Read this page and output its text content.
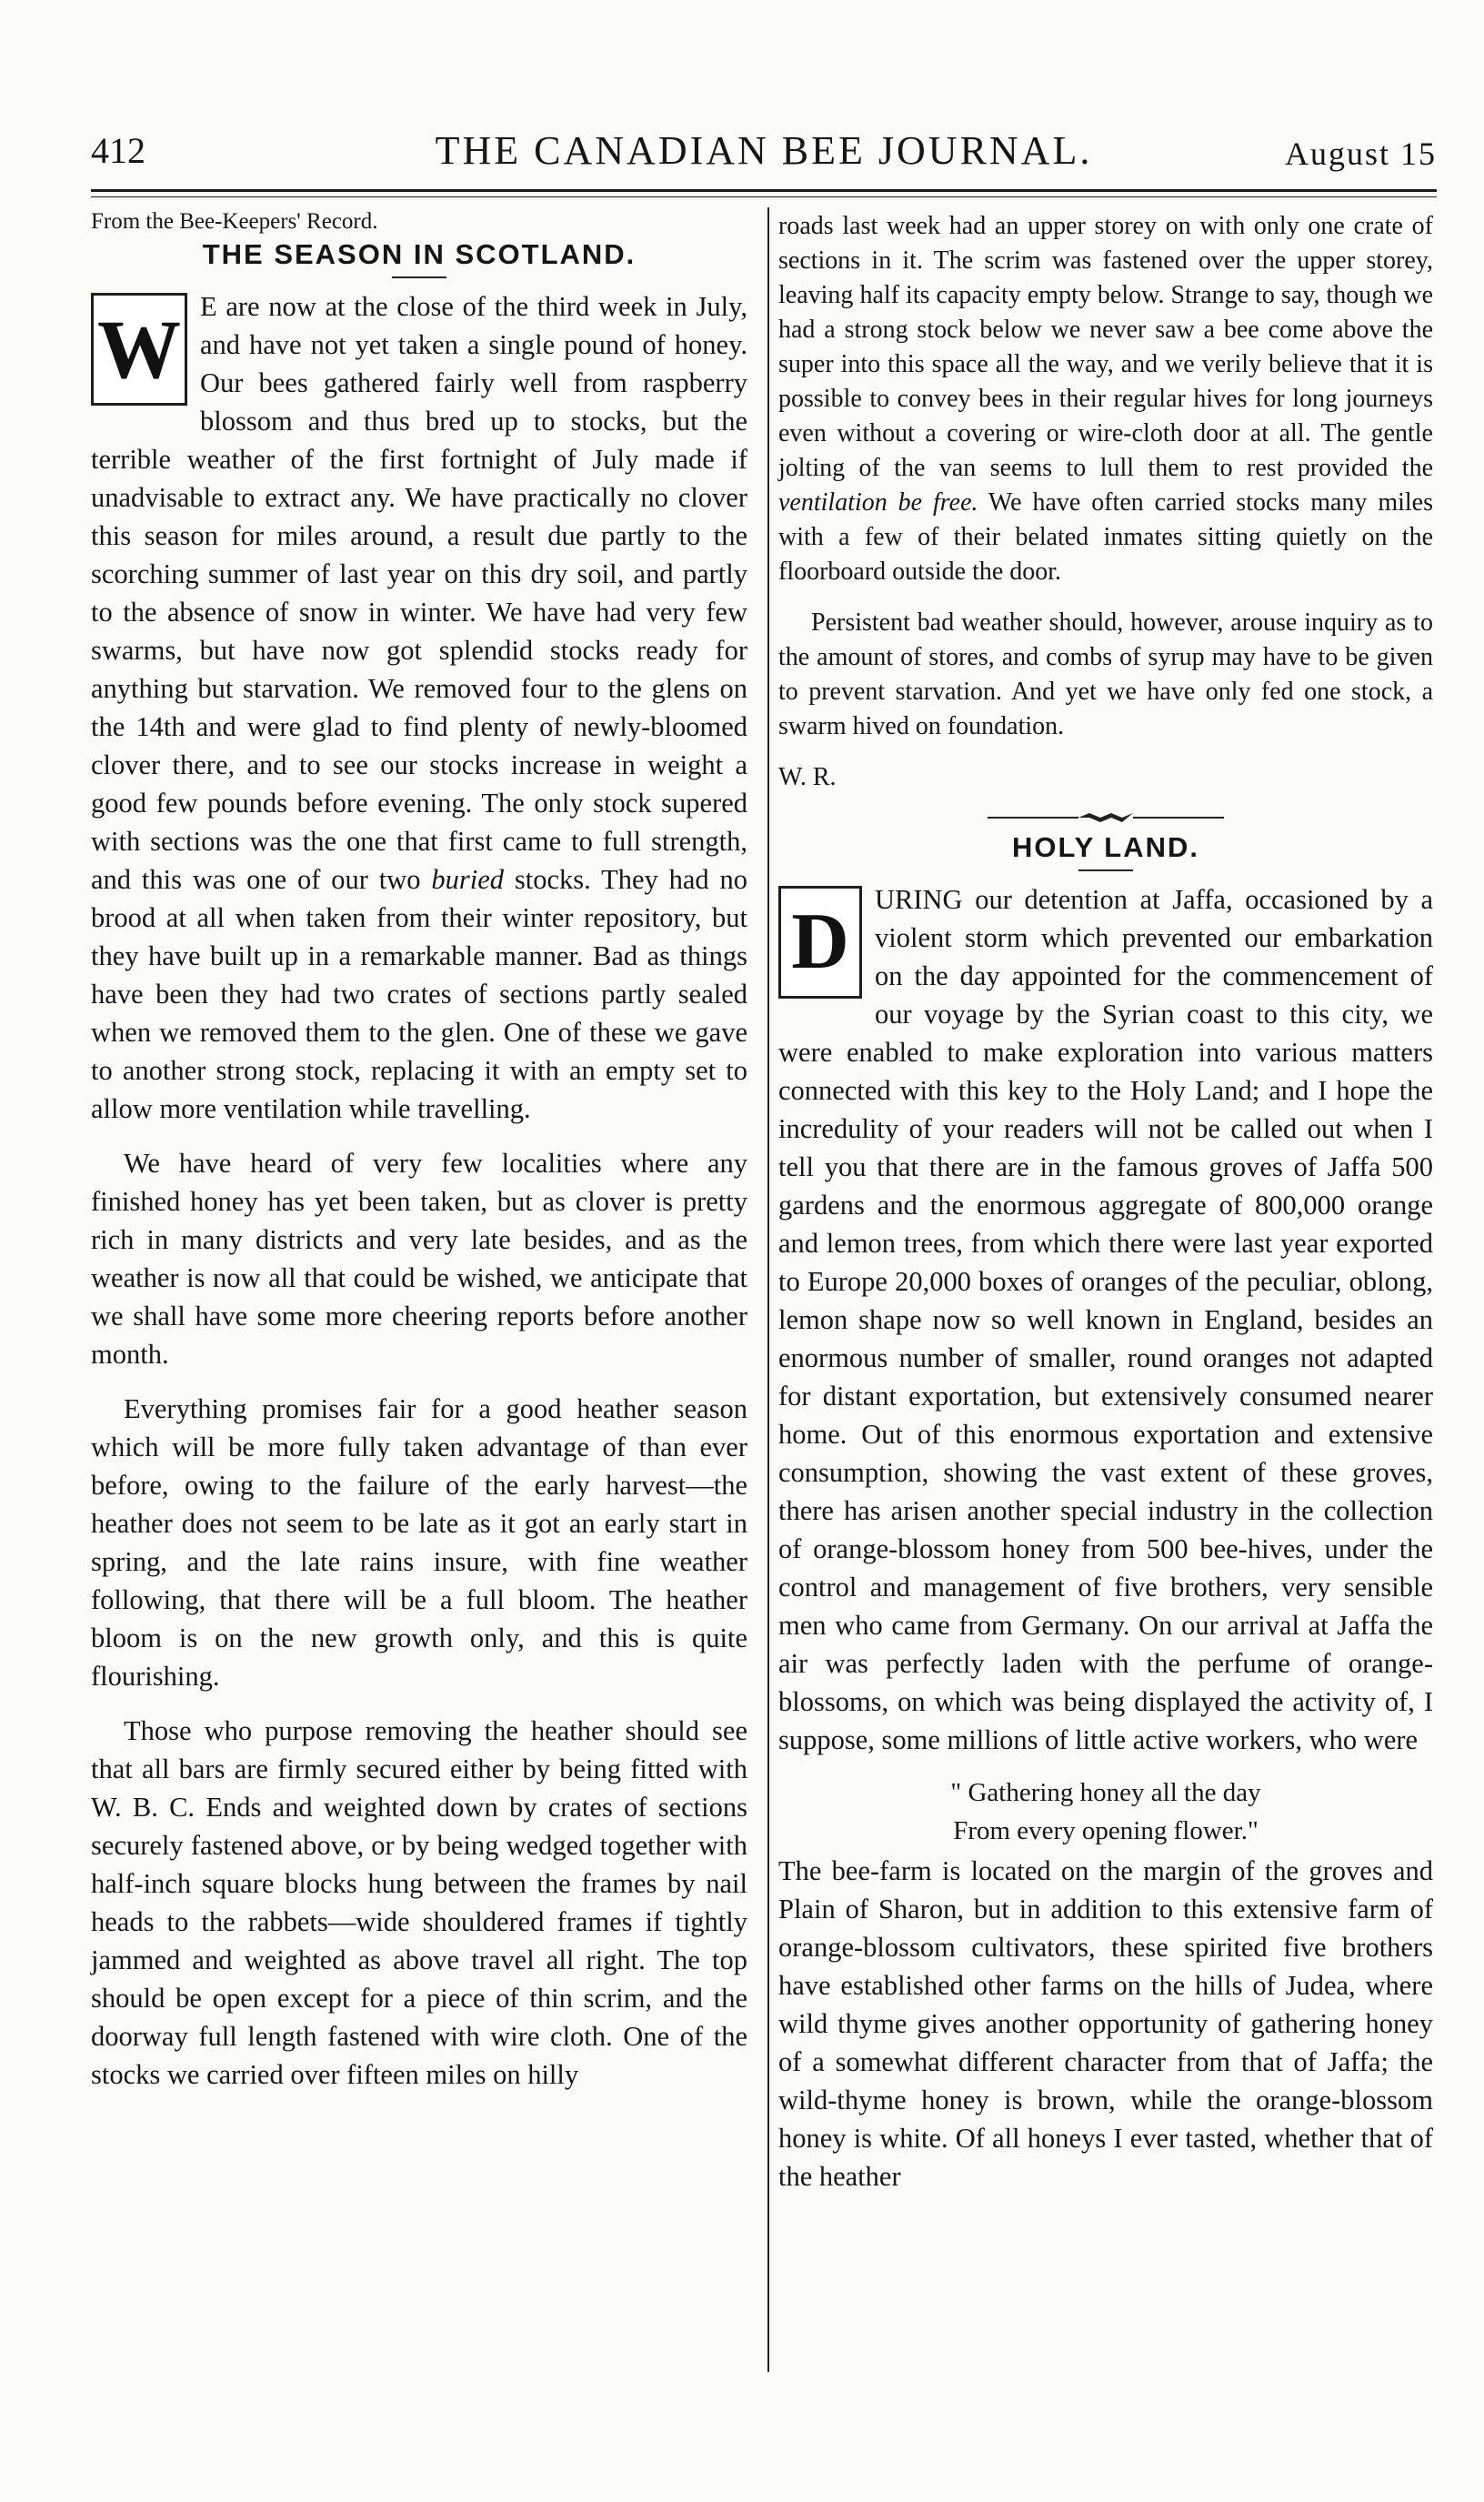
412	THE CANADIAN BEE JOURNAL.	August 15
From the Bee-Keepers' Record.
THE SEASON IN SCOTLAND.

W E are now at the close of the third week in July, and have not yet taken a single pound of honey. Our bees gathered fairly well from raspberry blossom and thus bred up to stocks, but the terrible weather of the first fortnight of July made if unadvisable to extract any. We have practically no clover this season for miles around, a result due partly to the scorching summer of last year on this dry soil, and partly to the absence of snow in winter. We have had very few swarms, but have now got splendid stocks ready for anything but starvation. We removed four to the glens on the 14th and were glad to find plenty of newly-bloomed clover there, and to see our stocks increase in weight a good few pounds before evening. The only stock supered with sections was the one that first came to full strength, and this was one of our two buried stocks. They had no brood at all when taken from their winter repository, but they have built up in a remarkable manner. Bad as things have been they had two crates of sections partly sealed when we removed them to the glen. One of these we gave to another strong stock, replacing it with an empty set to allow more ventilation while travelling.

We have heard of very few localities where any finished honey has yet been taken, but as clover is pretty rich in many districts and very late besides, and as the weather is now all that could be wished, we anticipate that we shall have some more cheering reports before another month.

Everything promises fair for a good heather season which will be more fully taken advantage of than ever before, owing to the failure of the early harvest—the heather does not seem to be late as it got an early start in spring, and the late rains insure, with fine weather following, that there will be a full bloom. The heather bloom is on the new growth only, and this is quite flourishing.

Those who purpose removing the heather should see that all bars are firmly secured either by being fitted with W. B. C. Ends and weighted down by crates of sections securely fastened above, or by being wedged together with half-inch square blocks hung between the frames by nail heads to the rabbets—wide shouldered frames if tightly jammed and weighted as above travel all right. The top should be open except for a piece of thin scrim, and the doorway full length fastened with wire cloth. One of the stocks we carried over fifteen miles on hilly

roads last week had an upper storey on with only one crate of sections in it. The scrim was fastened over the upper storey, leaving half its capacity empty below. Strange to say, though we had a strong stock below we never saw a bee come above the super into this space all the way, and we verily believe that it is possible to convey bees in their regular hives for long journeys even without a covering or wire-cloth door at all. The gentle jolting of the van seems to lull them to rest provided the ventilation be free. We have often carried stocks many miles with a few of their belated inmates sitting quietly on the floorboard outside the door.

Persistent bad weather should, however, arouse inquiry as to the amount of stores, and combs of syrup may have to be given to prevent starvation. And yet we have only fed one stock, a swarm hived on foundation.

W. R.

HOLY LAND.

D URING our detention at Jaffa, occasioned by a violent storm which prevented our embarkation on the day appointed for the commencement of our voyage by the Syrian coast to this city, we were enabled to make exploration into various matters connected with this key to the Holy Land; and I hope the incredulity of your readers will not be called out when I tell you that there are in the famous groves of Jaffa 500 gardens and the enormous aggregate of 800,000 orange and lemon trees, from which there were last year exported to Europe 20,000 boxes of oranges of the peculiar, oblong, lemon shape now so well known in England, besides an enormous number of smaller, round oranges not adapted for distant exportation, but extensively consumed nearer home. Out of this enormous exportation and extensive consumption, showing the vast extent of these groves, there has arisen another special industry in the collection of orange-blossom honey from 500 bee-hives, under the control and management of five brothers, very sensible men who came from Germany. On our arrival at Jaffa the air was perfectly laden with the perfume of orange-blossoms, on which was being displayed the activity of, I suppose, some millions of little active workers, who were

" Gathering honey all the day
From every opening flower."

The bee-farm is located on the margin of the groves and Plain of Sharon, but in addition to this extensive farm of orange-blossom cultivators, these spirited five brothers have established other farms on the hills of Judea, where wild thyme gives another opportunity of gathering honey of a somewhat different character from that of Jaffa; the wild-thyme honey is brown, while the orange-blossom honey is white. Of all honeys I ever tasted, whether that of the heather
